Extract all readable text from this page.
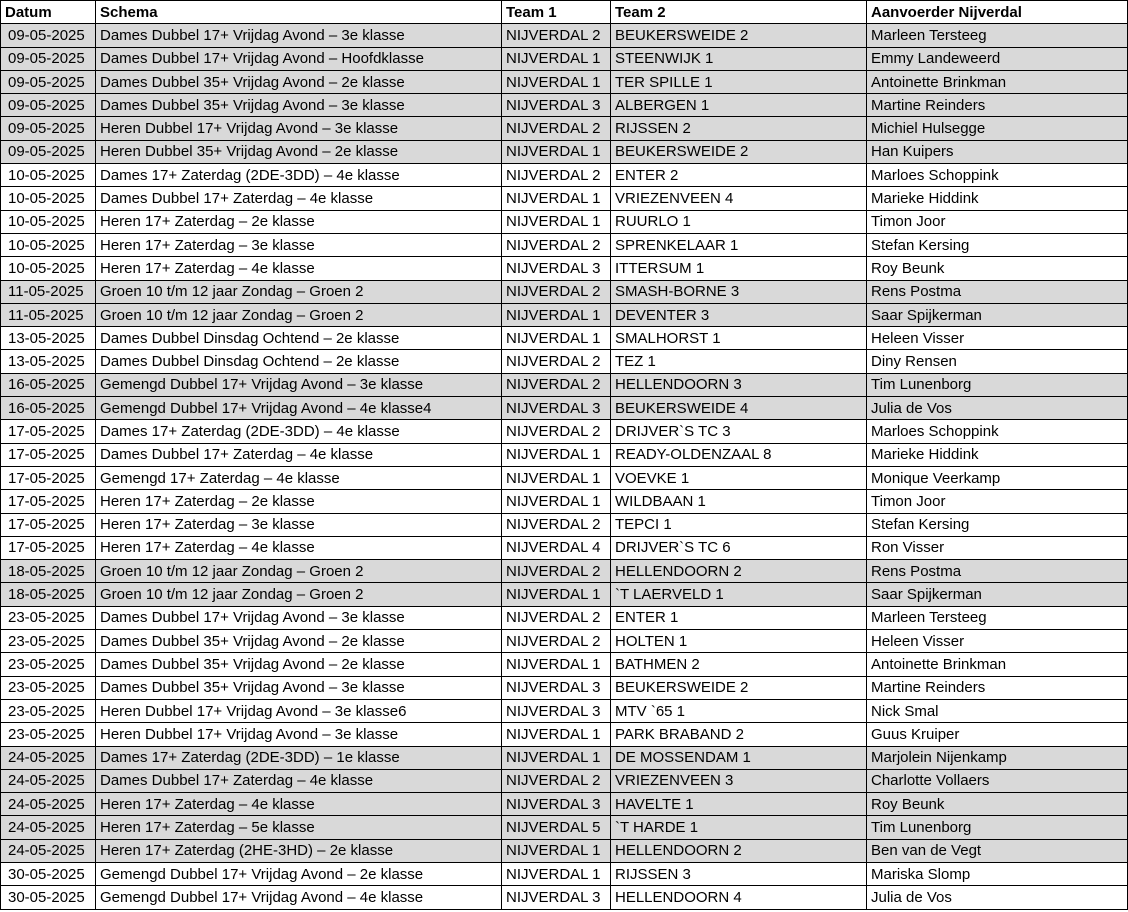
Datum	Schema	Team 1	Team 2	Aanvoerder Nijverdal
09-05-2025	Dames Dubbel 17+ Vrijdag Avond – 3e klasse	NIJVERDAL 2	BEUKERSWEIDE 2	Marleen Tersteeg
09-05-2025	Dames Dubbel 17+ Vrijdag Avond – Hoofdklasse	NIJVERDAL 1	STEENWIJK 1	Emmy Landeweerd
09-05-2025	Dames Dubbel 35+ Vrijdag Avond – 2e klasse	NIJVERDAL 1	TER SPILLE 1	Antoinette Brinkman
09-05-2025	Dames Dubbel 35+ Vrijdag Avond – 3e klasse	NIJVERDAL 3	ALBERGEN 1	Martine Reinders
09-05-2025	Heren Dubbel 17+ Vrijdag Avond – 3e klasse	NIJVERDAL 2	RIJSSEN 2	Michiel Hulsegge
09-05-2025	Heren Dubbel 35+ Vrijdag Avond – 2e klasse	NIJVERDAL 1	BEUKERSWEIDE 2	Han Kuipers
10-05-2025	Dames 17+ Zaterdag (2DE-3DD) – 4e klasse	NIJVERDAL 2	ENTER 2	Marloes Schoppink
10-05-2025	Dames Dubbel 17+ Zaterdag – 4e klasse	NIJVERDAL 1	VRIEZENVEEN 4	Marieke Hiddink
10-05-2025	Heren 17+ Zaterdag – 2e klasse	NIJVERDAL 1	RUURLO 1	Timon Joor
10-05-2025	Heren 17+ Zaterdag – 3e klasse	NIJVERDAL 2	SPRENKELAAR 1	Stefan Kersing
10-05-2025	Heren 17+ Zaterdag – 4e klasse	NIJVERDAL 3	ITTERSUM 1	Roy Beunk
11-05-2025	Groen 10 t/m 12 jaar Zondag – Groen 2	NIJVERDAL 2	SMASH-BORNE 3	Rens Postma
11-05-2025	Groen 10 t/m 12 jaar Zondag – Groen 2	NIJVERDAL 1	DEVENTER 3	Saar Spijkerman
13-05-2025	Dames Dubbel Dinsdag Ochtend – 2e klasse	NIJVERDAL 1	SMALHORST 1	Heleen Visser
13-05-2025	Dames Dubbel Dinsdag Ochtend – 2e klasse	NIJVERDAL 2	TEZ 1	Diny Rensen
16-05-2025	Gemengd Dubbel 17+ Vrijdag Avond – 3e klasse	NIJVERDAL 2	HELLENDOORN 3	Tim Lunenborg
16-05-2025	Gemengd Dubbel 17+ Vrijdag Avond – 4e klasse4	NIJVERDAL 3	BEUKERSWEIDE 4	Julia de Vos
17-05-2025	Dames 17+ Zaterdag (2DE-3DD) – 4e klasse	NIJVERDAL 2	DRIJVER`S TC 3	Marloes Schoppink
17-05-2025	Dames Dubbel 17+ Zaterdag – 4e klasse	NIJVERDAL 1	READY-OLDENZAAL 8	Marieke Hiddink
17-05-2025	Gemengd 17+ Zaterdag – 4e klasse	NIJVERDAL 1	VOEVKE 1	Monique Veerkamp
17-05-2025	Heren 17+ Zaterdag – 2e klasse	NIJVERDAL 1	WILDBAAN 1	Timon Joor
17-05-2025	Heren 17+ Zaterdag – 3e klasse	NIJVERDAL 2	TEPCI 1	Stefan Kersing
17-05-2025	Heren 17+ Zaterdag – 4e klasse	NIJVERDAL 4	DRIJVER`S TC 6	Ron Visser
18-05-2025	Groen 10 t/m 12 jaar Zondag – Groen 2	NIJVERDAL 2	HELLENDOORN 2	Rens Postma
18-05-2025	Groen 10 t/m 12 jaar Zondag – Groen 2	NIJVERDAL 1	`T LAERVELD 1	Saar Spijkerman
23-05-2025	Dames Dubbel 17+ Vrijdag Avond – 3e klasse	NIJVERDAL 2	ENTER 1	Marleen Tersteeg
23-05-2025	Dames Dubbel 35+ Vrijdag Avond – 2e klasse	NIJVERDAL 2	HOLTEN 1	Heleen Visser
23-05-2025	Dames Dubbel 35+ Vrijdag Avond – 2e klasse	NIJVERDAL 1	BATHMEN 2	Antoinette Brinkman
23-05-2025	Dames Dubbel 35+ Vrijdag Avond – 3e klasse	NIJVERDAL 3	BEUKERSWEIDE 2	Martine Reinders
23-05-2025	Heren Dubbel 17+ Vrijdag Avond – 3e klasse6	NIJVERDAL 3	MTV `65 1	Nick Smal
23-05-2025	Heren Dubbel 17+ Vrijdag Avond – 3e klasse	NIJVERDAL 1	PARK BRABAND 2	Guus Kruiper
24-05-2025	Dames 17+ Zaterdag (2DE-3DD) – 1e klasse	NIJVERDAL 1	DE MOSSENDAM 1	Marjolein Nijenkamp
24-05-2025	Dames Dubbel 17+ Zaterdag – 4e klasse	NIJVERDAL 2	VRIEZENVEEN 3	Charlotte Vollaers
24-05-2025	Heren 17+ Zaterdag – 4e klasse	NIJVERDAL 3	HAVELTE 1	Roy Beunk
24-05-2025	Heren 17+ Zaterdag – 5e klasse	NIJVERDAL 5	`T HARDE 1	Tim Lunenborg
24-05-2025	Heren 17+ Zaterdag (2HE-3HD) – 2e klasse	NIJVERDAL 1	HELLENDOORN 2	Ben van de Vegt
30-05-2025	Gemengd Dubbel 17+ Vrijdag Avond – 2e klasse	NIJVERDAL 1	RIJSSEN 3	Mariska Slomp
30-05-2025	Gemengd Dubbel 17+ Vrijdag Avond – 4e klasse	NIJVERDAL 3	HELLENDOORN 4	Julia de Vos
